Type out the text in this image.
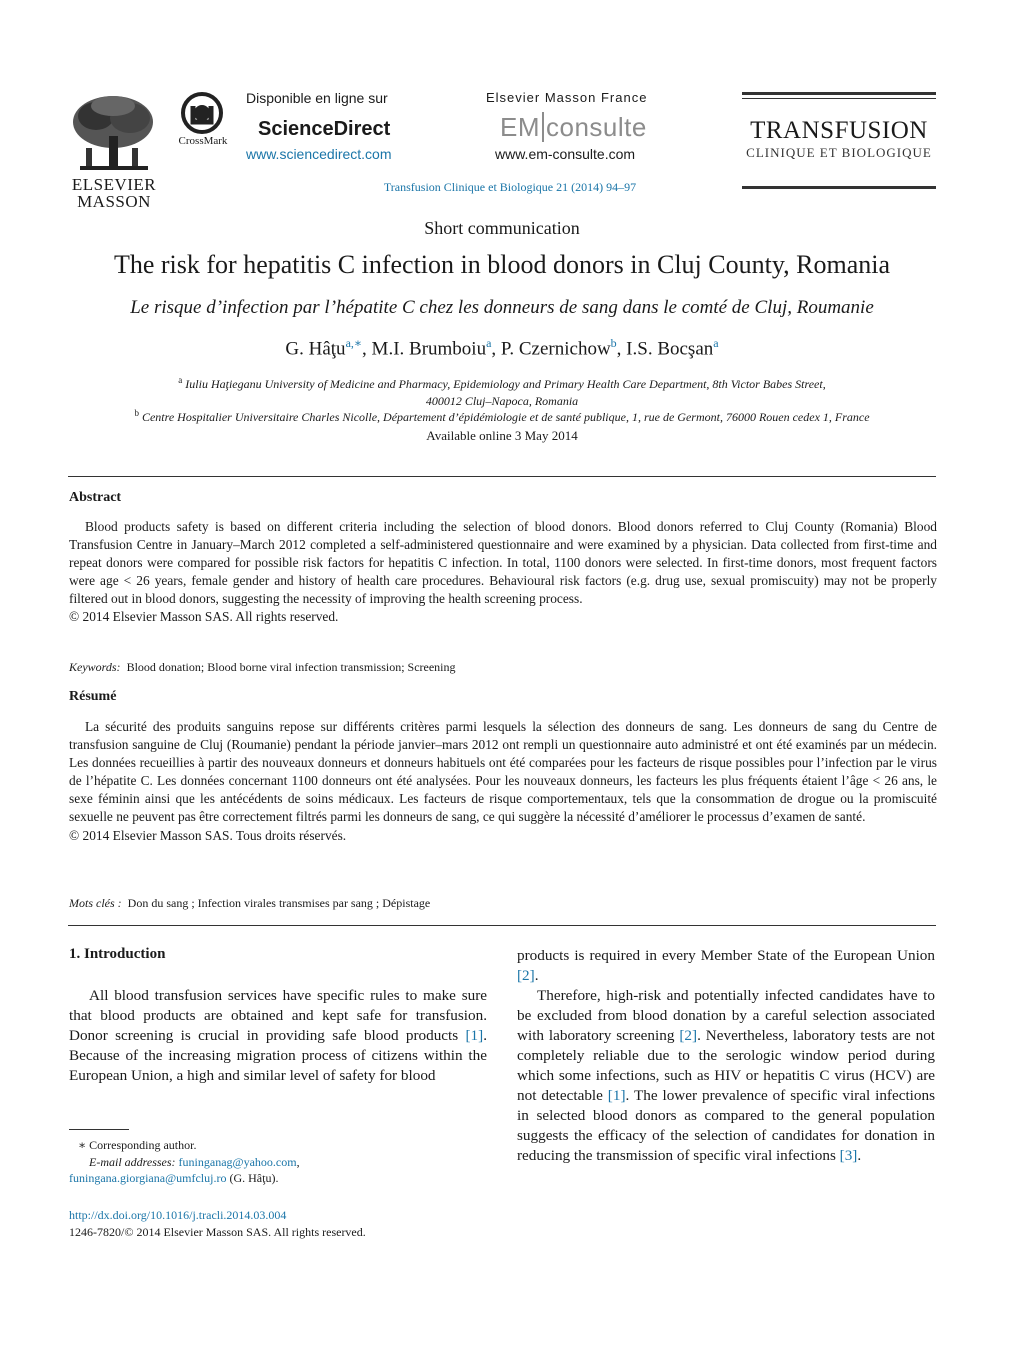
ELSEVIER
MASSON
CrossMark
Disponible en ligne sur
ScienceDirect
www.sciencedirect.com
Elsevier Masson France
EM consulte
www.em-consulte.com
TRANSFUSION
CLINIQUE ET BIOLOGIQUE
Transfusion Clinique et Biologique 21 (2014) 94–97
Short communication
The risk for hepatitis C infection in blood donors in Cluj County, Romania
Le risque d’infection par l’hépatite C chez les donneurs de sang dans le comté de Cluj, Roumanie
G. Hâţu$^{a,∗}$, M.I. Brumboiu$^a$, P. Czernichow$^b$, I.S. Bocşan$^a$
$^a$ Iuliu Haţieganu University of Medicine and Pharmacy, Epidemiology and Primary Health Care Department, 8th Victor Babes Street,
400012 Cluj–Napoca, Romania
$^b$ Centre Hospitalier Universitaire Charles Nicolle, Département d’épidémiologie et de santé publique, 1, rue de Germont, 76000 Rouen cedex 1, France
Available online 3 May 2014
Abstract

Blood products safety is based on different criteria including the selection of blood donors. Blood donors referred to Cluj County (Romania) Blood Transfusion Centre in January–March 2012 completed a self-administered questionnaire and were examined by a physician. Data collected from first-time and repeat donors were compared for possible risk factors for hepatitis C infection. In total, 1100 donors were selected. In first-time donors, most frequent factors were age < 26 years, female gender and history of health care procedures. Behavioural risk factors (e.g. drug use, sexual promiscuity) may not be properly filtered out in blood donors, suggesting the necessity of improving the health screening process.

© 2014 Elsevier Masson SAS. All rights reserved.

Keywords: Blood donation; Blood borne viral infection transmission; Screening
Résumé

La sécurité des produits sanguins repose sur différents critères parmi lesquels la sélection des donneurs de sang. Les donneurs de sang du Centre de transfusion sanguine de Cluj (Roumanie) pendant la période janvier–mars 2012 ont rempli un questionnaire auto administré et ont été examinés par un médecin. Les données recueillies à partir des nouveaux donneurs et donneurs habituels ont été comparées pour les facteurs de risque possibles pour l’infection par le virus de l’hépatite C. Les données concernant 1100 donneurs ont été analysées. Pour les nouveaux donneurs, les facteurs les plus fréquents étaient l’âge < 26 ans, le sexe féminin ainsi que les antécédents de soins médicaux. Les facteurs de risque comportementaux, tels que la consommation de drogue ou la promiscuité sexuelle ne peuvent pas être correctement filtrés parmi les donneurs de sang, ce qui suggère la nécessité d’améliorer le processus d’examen de santé.

© 2014 Elsevier Masson SAS. Tous droits réservés.

Mots clés : Don du sang ; Infection virales transmises par sang ; Dépistage
1. Introduction

All blood transfusion services have specific rules to make sure that blood products are obtained and kept safe for transfusion. Donor screening is crucial in providing safe blood products [1]. Because of the increasing migration process of citizens within the European Union, a high and similar level of safety for blood

products is required in every Member State of the European Union [2].

Therefore, high-risk and potentially infected candidates have to be excluded from blood donation by a careful selection associated with laboratory screening [2]. Nevertheless, laboratory tests are not completely reliable due to the serologic window period during which some infections, such as HIV or hepatitis C virus (HCV) are not detectable [1]. The lower prevalence of specific viral infections in selected blood donors as compared to the general population suggests the efficacy of the selection of candidates for donation in reducing the transmission of specific viral infections [3].

∗ Corresponding author.
E-mail addresses: funinganag@yahoo.com,
funingana.giorgiana@umfcluj.ro (G. Hâţu).
http://dx.doi.org/10.1016/j.tracli.2014.03.004
1246-7820/© 2014 Elsevier Masson SAS. All rights reserved.
